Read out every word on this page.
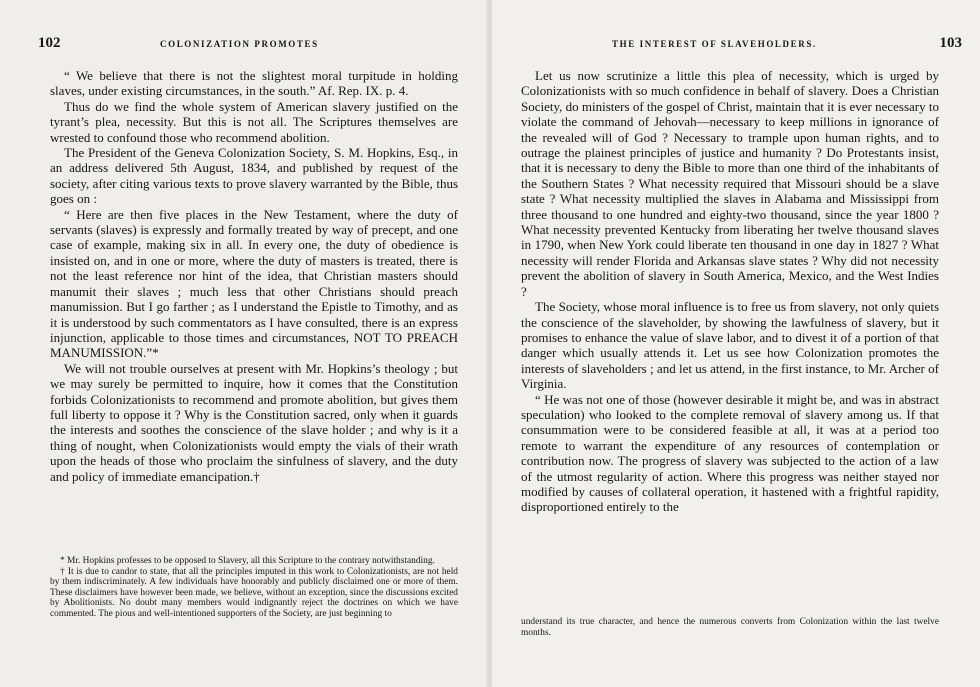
102	COLONIZATION PROMOTES

“ We believe that there is not the slightest moral turpitude in holding slaves, under existing circumstances, in the south.” Af. Rep. IX. p. 4.

Thus do we find the whole system of American slavery justified on the tyrant’s plea, necessity. But this is not all. The Scriptures themselves are wrested to confound those who recommend abolition.

The President of the Geneva Colonization Society, S. M. Hopkins, Esq., in an address delivered 5th August, 1834, and published by request of the society, after citing various texts to prove slavery warranted by the Bible, thus goes on :

“ Here are then five places in the New Testament, where the duty of servants (slaves) is expressly and formally treated by way of precept, and one case of example, making six in all. In every one, the duty of obedience is insisted on, and in one or more, where the duty of masters is treated, there is not the least reference nor hint of the idea, that Christian masters should manumit their slaves ; much less that other Christians should preach manumission. But I go farther ; as I understand the Epistle to Timothy, and as it is understood by such commentators as I have consulted, there is an express injunction, applicable to those times and circumstances, NOT TO PREACH MANUMISSION.”*

We will not trouble ourselves at present with Mr. Hopkins’s theology ; but we may surely be permitted to inquire, how it comes that the Constitution forbids Colonizationists to recommend and promote abolition, but gives them full liberty to oppose it ? Why is the Constitution sacred, only when it guards the interests and soothes the conscience of the slave holder ; and why is it a thing of nought, when Colonizationists would empty the vials of their wrath upon the heads of those who proclaim the sinfulness of slavery, and the duty and policy of immediate emancipation.†

* Mr. Hopkins professes to be opposed to Slavery, all this Scripture to the contrary notwithstanding.

† It is due to candor to state, that all the principles imputed in this work to Colonizationists, are not held by them indiscriminately. A few individuals have honorably and publicly disclaimed one or more of them. These disclaimers have however been made, we believe, without an exception, since the discussions excited by Abolitionists. No doubt many members would indignantly reject the doctrines on which we have commented. The pious and well-intentioned supporters of the Society, are just beginning to

THE INTEREST OF SLAVEHOLDERS.	103

Let us now scrutinize a little this plea of necessity, which is urged by Colonizationists with so much confidence in behalf of slavery. Does a Christian Society, do ministers of the gospel of Christ, maintain that it is ever necessary to violate the command of Jehovah—necessary to keep millions in ignorance of the revealed will of God ? Necessary to trample upon human rights, and to outrage the plainest principles of justice and humanity ? Do Protestants insist, that it is necessary to deny the Bible to more than one third of the inhabitants of the Southern States ? What necessity required that Missouri should be a slave state ? What necessity multiplied the slaves in Alabama and Mississippi from three thousand to one hundred and eighty-two thousand, since the year 1800 ? What necessity prevented Kentucky from liberating her twelve thousand slaves in 1790, when New York could liberate ten thousand in one day in 1827 ? What necessity will render Florida and Arkansas slave states ? Why did not necessity prevent the abolition of slavery in South America, Mexico, and the West Indies ?

The Society, whose moral influence is to free us from slavery, not only quiets the conscience of the slaveholder, by showing the lawfulness of slavery, but it promises to enhance the value of slave labor, and to divest it of a portion of that danger which usually attends it. Let us see how Colonization promotes the interests of slaveholders ; and let us attend, in the first instance, to Mr. Archer of Virginia.

“ He was not one of those (however desirable it might be, and was in abstract speculation) who looked to the complete removal of slavery among us. If that consummation were to be considered feasible at all, it was at a period too remote to warrant the expenditure of any resources of contemplation or contribution now. The progress of slavery was subjected to the action of a law of the utmost regularity of action. Where this progress was neither stayed nor modified by causes of collateral operation, it hastened with a frightful rapidity, disproportioned entirely to the

understand its true character, and hence the numerous converts from Colonization within the last twelve months.
